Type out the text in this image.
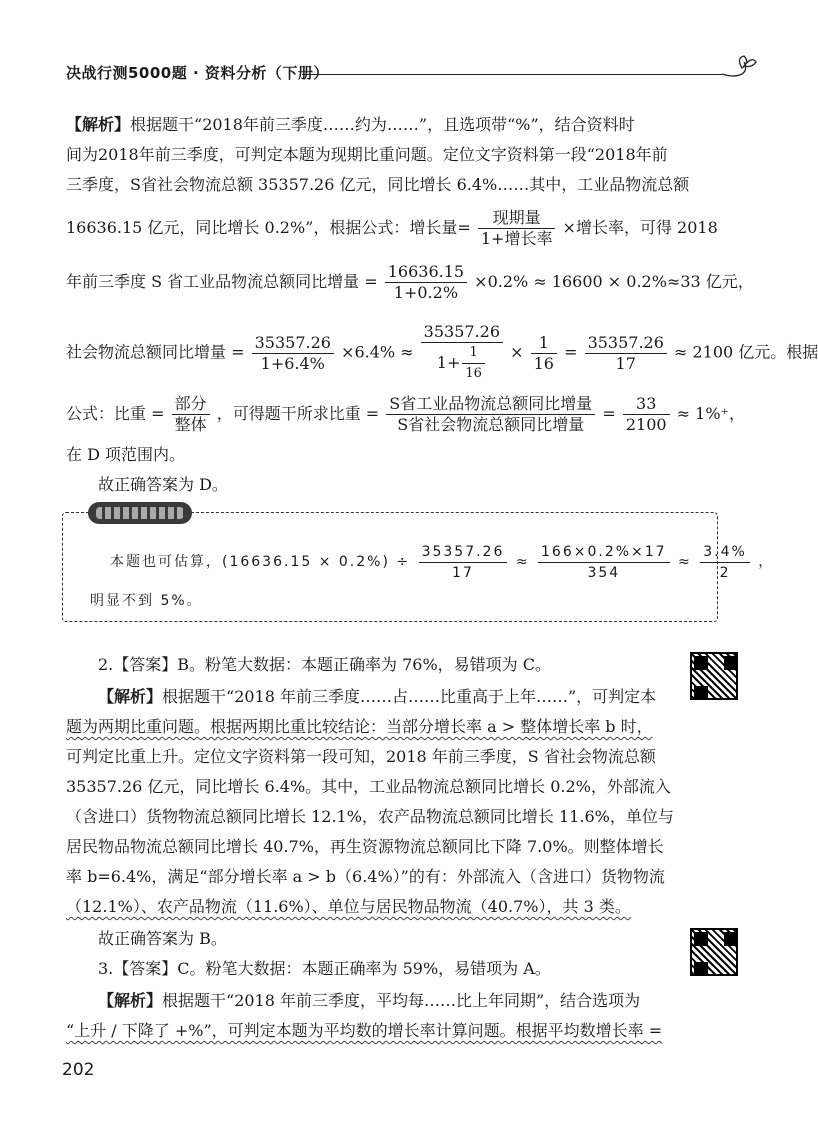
决战行测5000题 · 资料分析（下册）
【解析】根据题干“2018年前三季度……约为……”，且选项带“%”，结合资料时
间为2018年前三季度，可判定本题为现期比重问题。定位文字资料第一段“2018年前
三季度，S省社会物流总额 35357.26 亿元，同比增长 6.4%……其中，工业品物流总额
16636.15 亿元，同比增长 0.2%”，根据公式：增长量= $\frac{\text{现期量}}{\text{1+增长率}}$ ×增长率，可得 2018
年前三季度 S 省工业品物流总额同比增量 = $\frac{16636.15}{1+0.2\%} \times 0.2\% \approx 16600 \times 0.2\%\approx 33$ 亿元，
社会物流总额同比增量 = $\frac{35357.26}{1+6.4\%} \times 6.4\% \approx \frac{35357.26}{1+ \frac{1}{16}} \times \frac{1}{16} = \frac{35357.26}{17} \approx 2100$ 亿元。根据
公式：比重 = $\frac{\text{部分}}{\text{整体}}$ ，可得题干所求比重 = $\frac{\text{S省工业品物流总额同比增量}}{\text{S省社会物流总额同比增量}} = \frac{33}{2100} \approx 1\%^+$，
在 D 项范围内。
故正确答案为 D。
本题也可估算，$(16636.15 \times 0.2\%) \div \frac{35357.26}{17} \approx \frac{166\times 0.2\%\times 17}{354} \approx \frac{3.4\%}{2}$ ，
明显不到 5%。
2.【答案】B。粉笔大数据：本题正确率为 76%，易错项为 C。
【解析】根据题干“2018 年前三季度……占……比重高于上年……”，可判定本
题为两期比重问题。根据两期比重比较结论：当部分增长率 a > 整体增长率 b 时，
可判定比重上升。定位文字资料第一段可知，2018 年前三季度，S 省社会物流总额
35357.26 亿元，同比增长 6.4%。其中，工业品物流总额同比增长 0.2%，外部流入
（含进口）货物物流总额同比增长 12.1%，农产品物流总额同比增长 11.6%，单位与
居民物品物流总额同比增长 40.7%，再生资源物流总额同比下降 7.0%。则整体增长
率 b=6.4%，满足“部分增长率 a > b（6.4%）”的有：外部流入（含进口）货物物流
（12.1%）、农产品物流（11.6%）、单位与居民物品物流（40.7%），共 3 类。
故正确答案为 B。
3.【答案】C。粉笔大数据：本题正确率为 59%，易错项为 A。
【解析】根据题干“2018 年前三季度，平均每……比上年同期”，结合选项为
“上升 / 下降了 +%”，可判定本题为平均数的增长率计算问题。根据平均数增长率 =
202
